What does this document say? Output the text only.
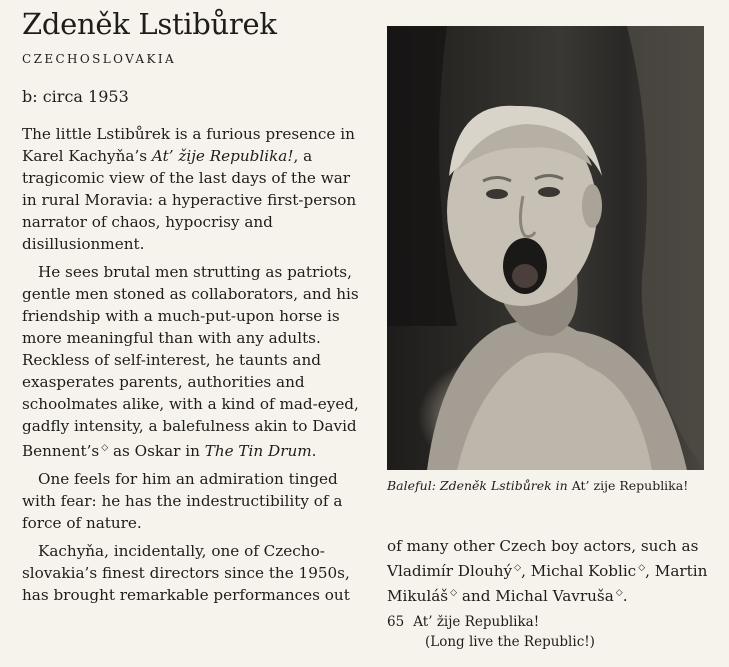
Zdeněk Lstibůrek
CZECHOSLOVAKIA
b: circa 1953

The little Lstibůrek is a furious presence in Karel Kachyňa’s At’ žije Republika!, a tragicomic view of the last days of the war in rural Moravia: a hyperactive first-person narrator of chaos, hypocrisy and disillusionment.

He sees brutal men strutting as patriots, gentle men stoned as collaborators, and his friendship with a much-put-upon horse is more meaningful than with any adults. Reckless of self-interest, he taunts and exasperates parents, authorities and schoolmates alike, with a kind of mad-eyed, gadfly intensity, a balefulness akin to David Bennent’s ◇ as Oskar in The Tin Drum.

One feels for him an admiration tinged with fear: he has the indestructibility of a force of nature.

Kachyňa, incidentally, one of Czecho-slovakia’s finest directors since the 1950s, has brought remarkable performances out

Baleful: Zdeněk Lstibůrek in At’ zije Republika!

of many other Czech boy actors, such as Vladimír Dlouhý ◇, Michal Koblic ◇, Martin Mikuláš ◇ and Michal Vavruša ◇.

65 At’ žije Republika!
(Long live the Republic!)
